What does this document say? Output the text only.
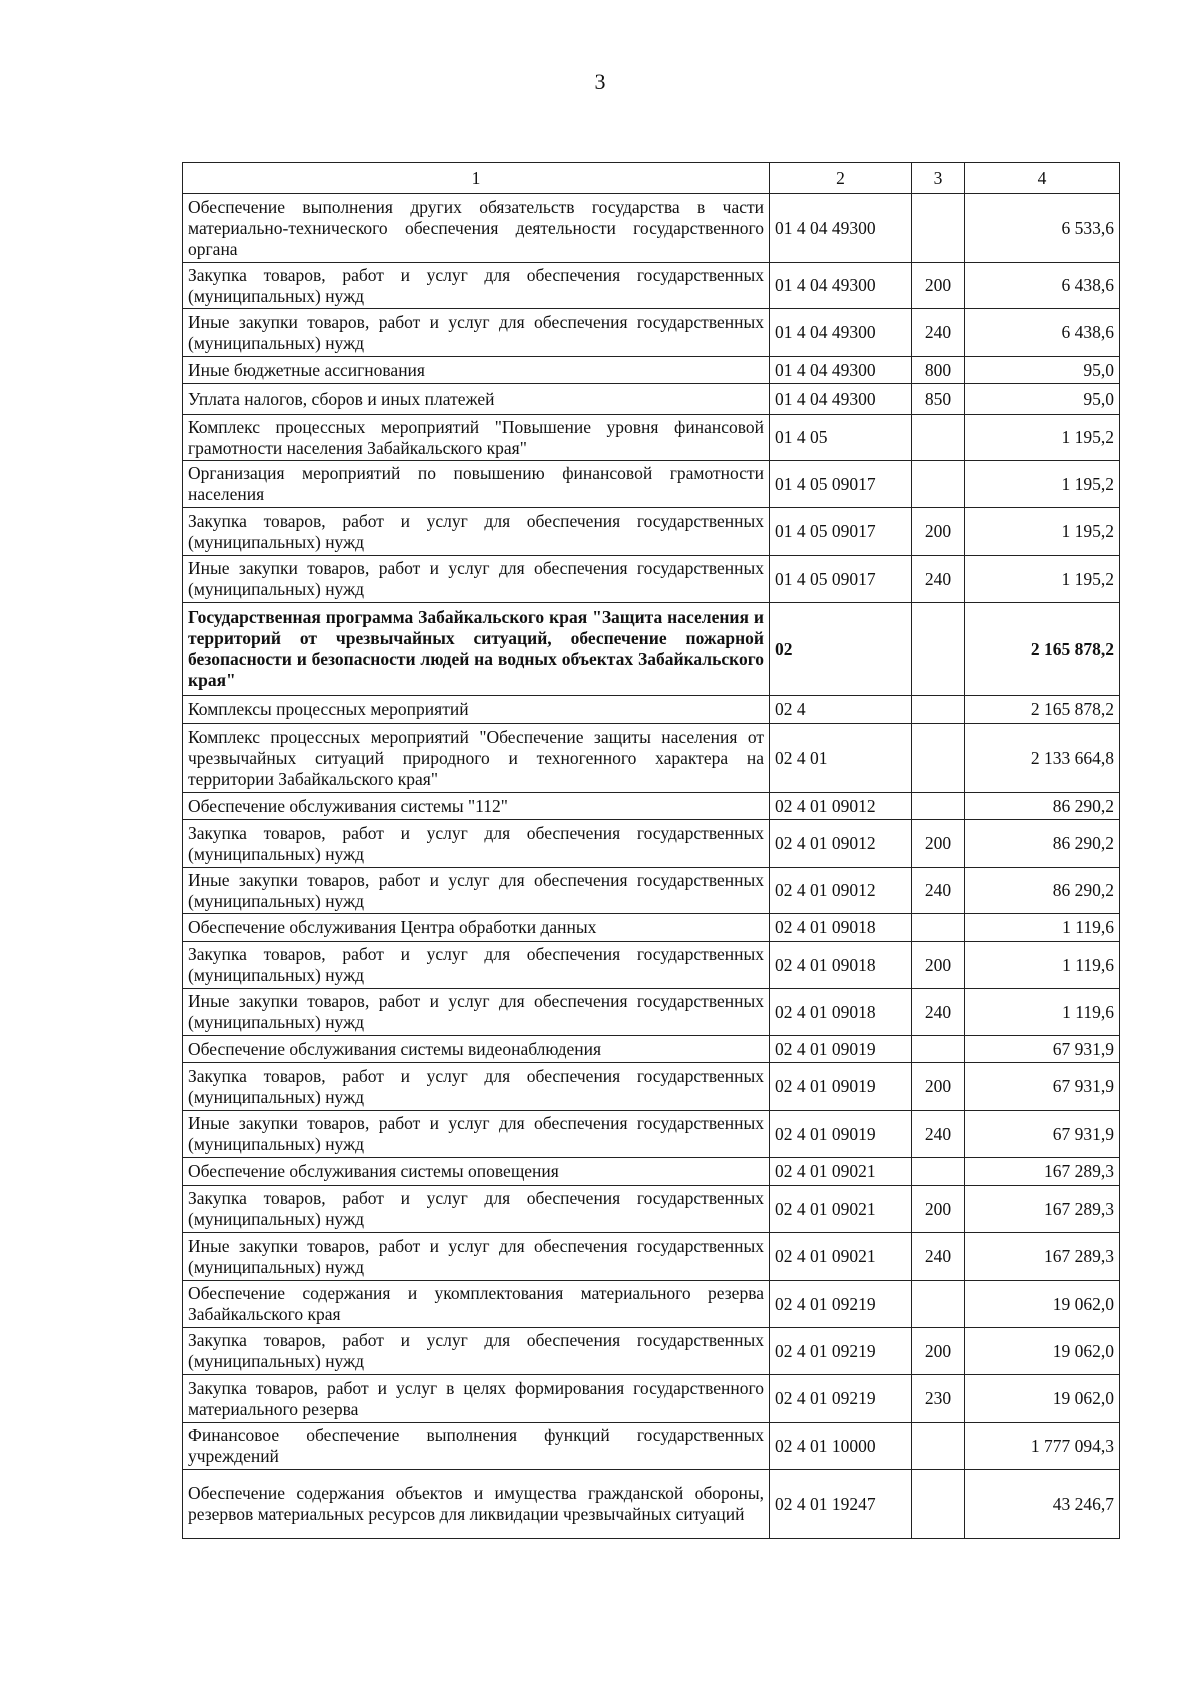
3
1	2	3	4
Обеспечение выполнения других обязательств государства в части материально-технического обеспечения деятельности государственного органа	01 4 04 49300		6 533,6
Закупка товаров, работ и услуг для обеспечения государственных (муниципальных) нужд	01 4 04 49300	200	6 438,6
Иные закупки товаров, работ и услуг для обеспечения государственных (муниципальных) нужд	01 4 04 49300	240	6 438,6
Иные бюджетные ассигнования	01 4 04 49300	800	95,0
Уплата налогов, сборов и иных платежей	01 4 04 49300	850	95,0
Комплекс процессных мероприятий "Повышение уровня финансовой грамотности населения Забайкальского края"	01 4 05		1 195,2
Организация мероприятий по повышению финансовой грамотности населения	01 4 05 09017		1 195,2
Закупка товаров, работ и услуг для обеспечения государственных (муниципальных) нужд	01 4 05 09017	200	1 195,2
Иные закупки товаров, работ и услуг для обеспечения государственных (муниципальных) нужд	01 4 05 09017	240	1 195,2
Государственная программа Забайкальского края "Защита населения и территорий от чрезвычайных ситуаций, обеспечение пожарной безопасности и безопасности людей на водных объектах Забайкальского края"	02		2 165 878,2
Комплексы процессных мероприятий	02 4		2 165 878,2
Комплекс процессных мероприятий "Обеспечение защиты населения от чрезвычайных ситуаций природного и техногенного характера на территории Забайкальского края"	02 4 01		2 133 664,8
Обеспечение обслуживания системы "112"	02 4 01 09012		86 290,2
Закупка товаров, работ и услуг для обеспечения государственных (муниципальных) нужд	02 4 01 09012	200	86 290,2
Иные закупки товаров, работ и услуг для обеспечения государственных (муниципальных) нужд	02 4 01 09012	240	86 290,2
Обеспечение обслуживания Центра обработки данных	02 4 01 09018		1 119,6
Закупка товаров, работ и услуг для обеспечения государственных (муниципальных) нужд	02 4 01 09018	200	1 119,6
Иные закупки товаров, работ и услуг для обеспечения государственных (муниципальных) нужд	02 4 01 09018	240	1 119,6
Обеспечение обслуживания системы видеонаблюдения	02 4 01 09019		67 931,9
Закупка товаров, работ и услуг для обеспечения государственных (муниципальных) нужд	02 4 01 09019	200	67 931,9
Иные закупки товаров, работ и услуг для обеспечения государственных (муниципальных) нужд	02 4 01 09019	240	67 931,9
Обеспечение обслуживания системы оповещения	02 4 01 09021		167 289,3
Закупка товаров, работ и услуг для обеспечения государственных (муниципальных) нужд	02 4 01 09021	200	167 289,3
Иные закупки товаров, работ и услуг для обеспечения государственных (муниципальных) нужд	02 4 01 09021	240	167 289,3
Обеспечение содержания и укомплектования материального резерва Забайкальского края	02 4 01 09219		19 062,0
Закупка товаров, работ и услуг для обеспечения государственных (муниципальных) нужд	02 4 01 09219	200	19 062,0
Закупка товаров, работ и услуг в целях формирования государственного материального резерва	02 4 01 09219	230	19 062,0
Финансовое обеспечение выполнения функций государственных учреждений	02 4 01 10000		1 777 094,3
Обеспечение содержания объектов и имущества гражданской обороны, резервов материальных ресурсов для ликвидации чрезвычайных ситуаций	02 4 01 19247		43 246,7
